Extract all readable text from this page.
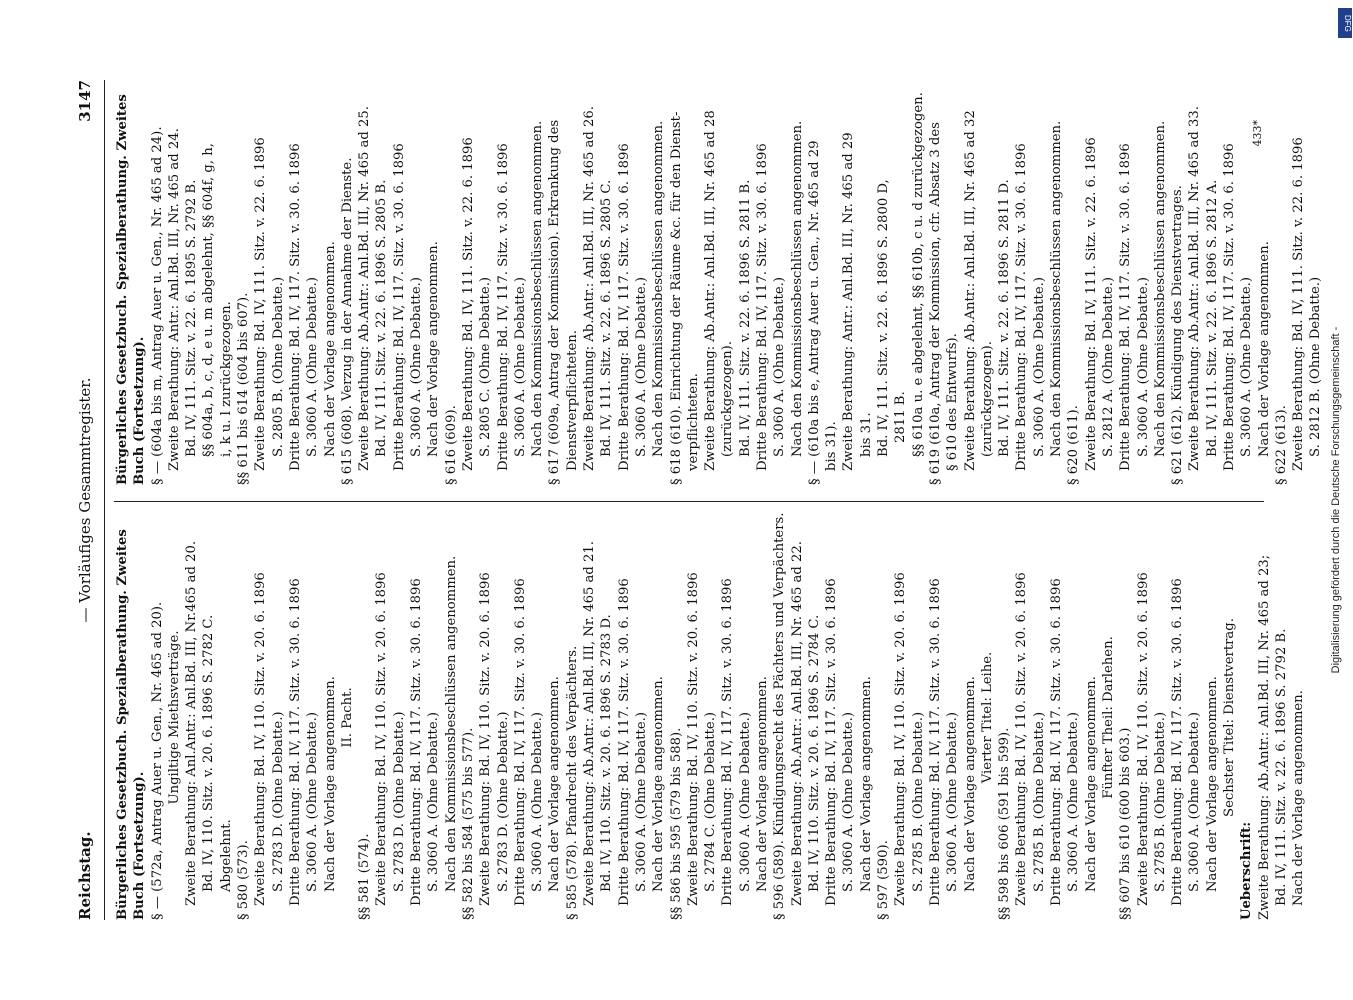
Reichstag.
— Vorläufiges Gesammtregister.
3147
Bürgerliches Gesetzbuch. Spezialberathung. Zweites Buch (Fortsetzung). § — (572a, Antrag Auer u. Gen., Nr. 465 ad 20). Ungiltige Miethsverträge. Zweite Berathung: Anl.Antr.: Anl.Bd. III, Nr.465 ad 20. Bd. IV, 110. Sitz. v. 20. 6. 1896 S. 2782 C. Abgelehnt. § 580 (573). Zweite Berathung: Bd. IV, 110. Sitz. v. 20. 6. 1896 S. 2783 D. (Ohne Debatte.) Dritte Berathung: Bd. IV, 117. Sitz. v. 30. 6. 1896 S. 3060 A. (Ohne Debatte.) Nach der Vorlage angenommen. II. Pacht.
§§ 581 (574). Zweite Berathung: Bd. IV, 110. Sitz. v. 20. 6. 1896 S. 2783 D. (Ohne Debatte.) Dritte Berathung: Bd. IV, 117. Sitz. v. 30. 6. 1896 S. 3060 A. (Ohne Debatte.) Nach den Kommissionsbeschlüssen angenommen. §§ 582 bis 584 (575 bis 577). Zweite Berathung: Bd. IV, 110. Sitz. v. 20. 6. 1896 S. 2783 D. (Ohne Debatte.) Dritte Berathung: Bd. IV, 117. Sitz. v. 30. 6. 1896 S. 3060 A. (Ohne Debatte.) Nach der Vorlage angenommen. § 585 (578). Pfandrecht des Verpächters. Zweite Berathung: Ab.Antr.: Anl.Bd. III, Nr. 465 ad 21. Bd. IV, 110. Sitz. v. 20. 6. 1896 S. 2783 D. Dritte Berathung: Bd. IV, 117. Sitz. v. 30. 6. 1896 S. 3060 A. (Ohne Debatte.) Nach der Vorlage angenommen. §§ 586 bis 595 (579 bis 588). Zweite Berathung: Bd. IV, 110. Sitz. v. 20. 6. 1896 S. 2784 C. (Ohne Debatte.) Dritte Berathung: Bd. IV, 117. Sitz. v. 30. 6. 1896 S. 3060 A. (Ohne Debatte.) Nach der Vorlage angenommen. § 596 (589). Kündigungsrecht des Pächters und Verpächters. Zweite Berathung: Ab.Antr.: Anl.Bd. III, Nr. 465 ad 22. Bd. IV, 110. Sitz. v. 20. 6. 1896 S. 2784 C. Dritte Berathung: Bd. IV, 117. Sitz. v. 30. 6. 1896 S. 3060 A. (Ohne Debatte.) Nach der Vorlage angenommen. § 597 (590). Zweite Berathung: Bd. IV, 110. Sitz. v. 20. 6. 1896 S. 2785 B. (Ohne Debatte.) Dritte Berathung: Bd. IV, 117. Sitz. v. 30. 6. 1896 S. 3060 A. (Ohne Debatte.) Nach der Vorlage angenommen. Vierter Titel: Leihe.
§§ 598 bis 606 (591 bis 599). Zweite Berathung: Bd. IV, 110. Sitz. v. 20. 6. 1896 S. 2785 B. (Ohne Debatte.) Dritte Berathung: Bd. IV, 117. Sitz. v. 30. 6. 1896 S. 3060 A. (Ohne Debatte.) Nach der Vorlage angenommen. Fünfter Theil: Darlehen.
§§ 607 bis 610 (600 bis 603.) Zweite Berathung: Bd. IV, 110. Sitz. v. 20. 6. 1896 S. 2785 B. (Ohne Debatte.) Dritte Berathung: Bd. IV, 117. Sitz. v. 30. 6. 1896 S. 3060 A. (Ohne Debatte.) Nach der Vorlage angenommen. Sechster Titel: Dienstvertrag.
Ueberschrift: Zweite Berathung: Ab.Antr.: Anl.Bd. III, Nr. 465 ad 23; Bd. IV, 111. Sitz. v. 22. 6. 1896 S. 2792 B. Nach der Vorlage angenommen.
Bürgerliches Gesetzbuch. Spezialberathung. Zweites Buch (Fortsetzung). § — (604a bis m, Antrag Auer u. Gen., Nr. 465 ad 24). Zweite Berathung: Antr.: Anl.Bd. III, Nr. 465 ad 24. Bd. IV, 111. Sitz. v. 22. 6. 1895 S. 2792 B. §§ 604a, b, c, d, e u. m abgelehnt, §§ 604f, g, h, i, k u. l zurückgezogen. §§ 611 bis 614 (604 bis 607). Zweite Berathung: Bd. IV, 111. Sitz. v. 22. 6. 1896 S. 2805 B. (Ohne Debatte.) Dritte Berathung: Bd. IV, 117. Sitz. v. 30. 6. 1896 S. 3060 A. (Ohne Debatte.) Nach der Vorlage angenommen. § 615 (608). Verzug in der Annahme der Dienste. Zweite Berathung: Ab.Antr.: Anl.Bd. III, Nr. 465 ad 25. Bd. IV, 111. Sitz. v. 22. 6. 1896 S. 2805 B. Dritte Berathung: Bd. IV, 117. Sitz. v. 30. 6. 1896 S. 3060 A. (Ohne Debatte.) Nach der Vorlage angenommen. § 616 (609). Zweite Berathung: Bd. IV, 111. Sitz. v. 22. 6. 1896 S. 2805 C. (Ohne Debatte.) Dritte Berathung: Bd. IV, 117. Sitz. v. 30. 6. 1896 S. 3060 A. (Ohne Debatte.) Nach den Kommissionsbeschlüssen angenommen. § 617 (609a, Antrag der Kommission). Erkrankung des Dienstverpflichteten. Zweite Berathung: Ab.Antr.: Anl.Bd. III, Nr. 465 ad 26. Bd. IV, 111. Sitz. v. 22. 6. 1896 S. 2805 C. Dritte Berathung: Bd. IV, 117. Sitz. v. 30. 6. 1896 S. 3060 A. (Ohne Debatte.) Nach den Kommissionsbeschlüssen angenommen. § 618 (610). Einrichtung der Räume &c. für den Dienst- verpflichteten. Zweite Berathung: Ab.Antr.: Anl.Bd. III, Nr. 465 ad 28 (zurückgezogen). Bd. IV, 111. Sitz. v. 22. 6. 1896 S. 2811 B. Dritte Berathung: Bd. IV, 117. Sitz. v. 30. 6. 1896 S. 3060 A. (Ohne Debatte.) Nach den Kommissionsbeschlüssen angenommen. § — (610a bis e, Antrag Auer u. Gen., Nr. 465 ad 29 bis 31). Zweite Berathung: Antr.: Anl.Bd. III, Nr. 465 ad 29 bis 31. Bd. IV, 111. Sitz. v. 22. 6. 1896 S. 2800 D, 2811 B. §§ 610a u. e abgelehnt, §§ 610b, c u. d zurückgezogen. § 619 (610a, Antrag der Kommission, cfr. Absatz 3 des § 610 des Entwurfs). Zweite Berathung: Ab.Antr.: Anl.Bd. III, Nr. 465 ad 32 (zurückgezogen). Bd. IV, 111. Sitz. v. 22. 6. 1896 S. 2811 D. Dritte Berathung: Bd. IV, 117. Sitz. v. 30. 6. 1896 S. 3060 A. (Ohne Debatte.) Nach den Kommissionsbeschlüssen angenommen. § 620 (611). Zweite Berathung: Bd. IV, 111. Sitz. v. 22. 6. 1896 S. 2812 A. (Ohne Debatte.) Dritte Berathung: Bd. IV, 117. Sitz. v. 30. 6. 1896 S. 3060 A. (Ohne Debatte.) Nach den Kommissionsbeschlüssen angenommen. § 621 (612). Kündigung des Dienstvertrages. Zweite Berathung: Ab.Antr.: Anl.Bd. III, Nr. 465 ad 33. Bd. IV, 111. Sitz. v. 22. 6. 1896 S. 2812 A. Dritte Berathung: Bd. IV, 117. Sitz. v. 30. 6. 1896 S. 3060 A. (Ohne Debatte.) Nach der Vorlage angenommen. § 622 (613). Zweite Berathung: Bd. IV, 111. Sitz. v. 22. 6. 1896 S. 2812 B. (Ohne Debatte.)
433*
Digitalisierung gefördert durch die Deutsche Forschungsgemeinschaft -
DFG
